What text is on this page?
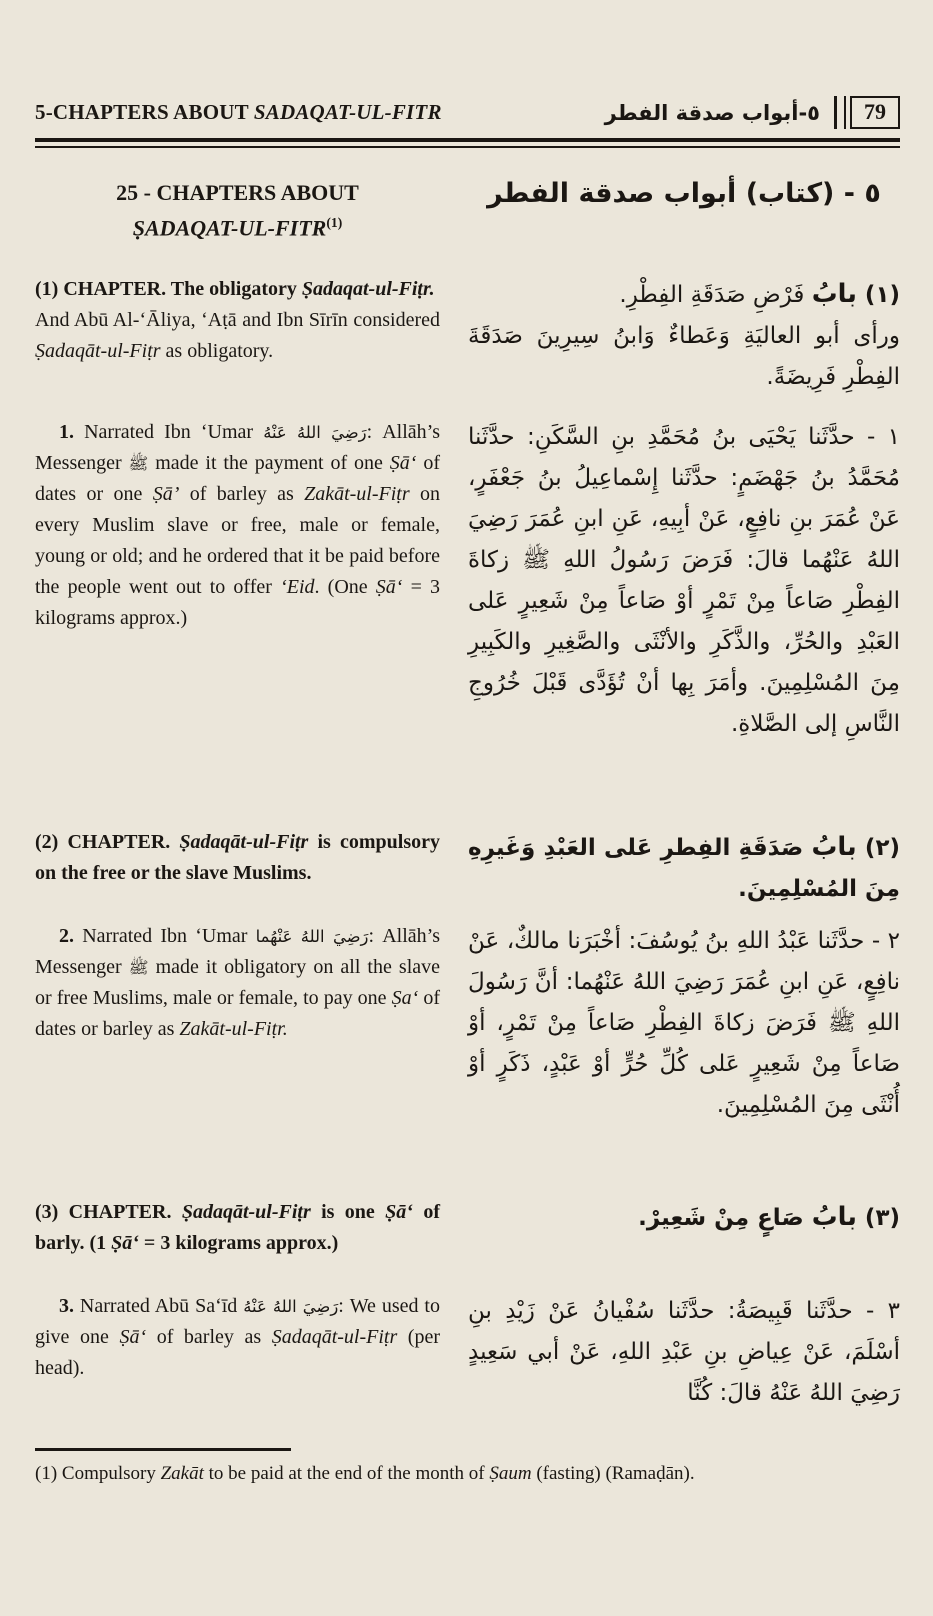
5-CHAPTERS ABOUT SADAQAT-UL-FITR	٥-أبواب صدقة الفطر	79
25 - CHAPTERS ABOUT
ṢADAQAT-UL-FITR$^{(1)}$
٥ - (كتاب) أبواب صدقة الفطر

(1) CHAPTER. The obligatory Ṣadaqat-ul-Fiṭr.

And Abū Al-‘Āliya, ‘Aṭā and Ibn Sīrīn considered Ṣadaqāt-ul-Fiṭr as obligatory.

(١) بابُ فَرْضِ صَدَقَةِ الفِطْرِ.

ورأى أبو العاليَةِ وَعَطاءٌ وَابنُ سِيرِينَ صَدَقَةَ الفِطْرِ فَرِيضَةً.

1. Narrated Ibn ‘Umar رَضِيَ اللهُ عَنْهُ: Allāh’s Messenger ﷺ made it the payment of one Ṣā‘ of dates or one Ṣā’ of barley as Zakāt-ul-Fiṭr on every Muslim slave or free, male or female, young or old; and he ordered that it be paid before the people went out to offer ‘Eid. (One Ṣā‘ = 3 kilograms approx.)

١ - حدَّثَنا يَحْيَى بنُ مُحَمَّدِ بنِ السَّكَنِ: حدَّثَنا مُحَمَّدُ بنُ جَهْضَمٍ: حدَّثَنا إِسْماعِيلُ بنُ جَعْفَرٍ، عَنْ عُمَرَ بنِ نافِعٍ، عَنْ أبِيهِ، عَنِ ابنِ عُمَرَ رَضِيَ اللهُ عَنْهُما قالَ: فَرَضَ رَسُولُ اللهِ ﷺ زكاةَ الفِطْرِ صَاعاً مِنْ تَمْرٍ أوْ صَاعاً مِنْ شَعِيرٍ عَلى العَبْدِ والحُرِّ، والذَّكَرِ والأنْثَى والصَّغِيرِ والكَبِيرِ مِنَ المُسْلِمِينَ. وأمَرَ بِها أنْ تُؤَدَّى قَبْلَ خُرُوجِ النَّاسِ إلى الصَّلاةِ.

(2) CHAPTER. Ṣadaqāt-ul-Fiṭr is compulsory on the free or the slave Muslims.

(٢) بابُ صَدَقَةِ الفِطرِ عَلى العَبْدِ وَغَيرِهِ مِنَ المُسْلِمِينَ.

2. Narrated Ibn ‘Umar رَضِيَ اللهُ عَنْهُما: Allāh’s Messenger ﷺ made it obligatory on all the slave or free Muslims, male or female, to pay one Ṣa‘ of dates or barley as Zakāt-ul-Fiṭr.

٢ - حدَّثَنا عَبْدُ اللهِ بنُ يُوسُفَ: أخْبَرَنا مالكٌ، عَنْ نافِعٍ، عَنِ ابنِ عُمَرَ رَضِيَ اللهُ عَنْهُما: أنَّ رَسُولَ اللهِ ﷺ فَرَضَ زكاةَ الفِطْرِ صَاعاً مِنْ تَمْرٍ، أوْ صَاعاً مِنْ شَعِيرٍ عَلى كُلِّ حُرٍّ أوْ عَبْدٍ، ذَكَرٍ أوْ أُنْثَى مِنَ المُسْلِمِينَ.

(3) CHAPTER. Ṣadaqāt-ul-Fiṭr is one Ṣā‘ of barly. (1 Ṣā‘ = 3 kilograms approx.)

(٣) بابُ صَاعٍ مِنْ شَعِيرْ.

3. Narrated Abū Sa‘īd رَضِيَ اللهُ عَنْهُ: We used to give one Ṣā‘ of barley as Ṣadaqāt-ul-Fiṭr (per head).

٣ - حدَّثَنا قَبِيصَةُ: حدَّثَنا سُفْيانُ عَنْ زَيْدِ بنِ أسْلَمَ، عَنْ عِياضِ بنِ عَبْدِ اللهِ، عَنْ أبي سَعِيدٍ رَضِيَ اللهُ عَنْهُ قالَ: كُنَّا

(1) Compulsory Zakāt to be paid at the end of the month of Ṣaum (fasting) (Ramaḍān).
